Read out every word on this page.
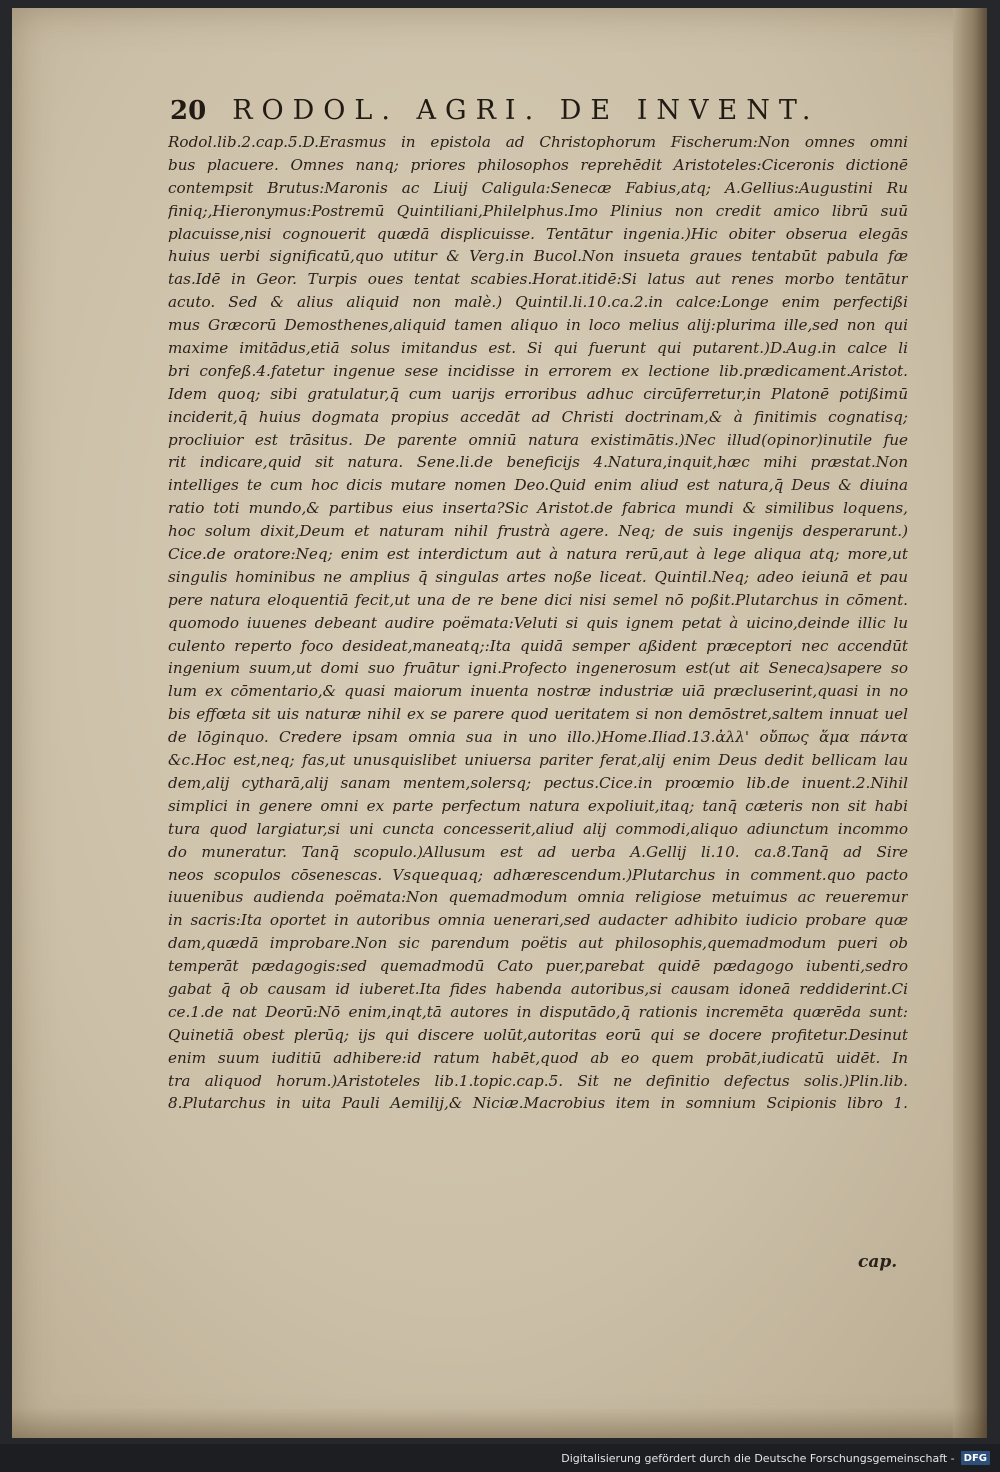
20 RODOL. AGRI. DE INVENT.
Rodol.lib.2.cap.5.D.Erasmus in epistola ad Christophorum Fischerum:Non omnes omni
bus placuere. Omnes nanq; priores philosophos reprehēdit Aristoteles:Ciceronis dictionē
contempsit Brutus:Maronis ac Liuij Caligula:Senecæ Fabius,atq; A.Gellius:Augustini Ru
finiq;,Hieronymus:Postremū Quintiliani,Philelphus.Imo Plinius non credit amico librū suū
placuisse,nisi cognouerit quædā displicuisse. Tentātur ingenia.)Hic obiter obserua elegās
huius uerbi significatū,quo utitur & Verg.in Bucol.Non insueta graues tentabūt pabula fæ
tas.Idē in Geor. Turpis oues tentat scabies.Horat.itidē:Si latus aut renes morbo tentātur
acuto. Sed & alius aliquid non malè.) Quintil.li.10.ca.2.in calce:Longe enim perfectißi
mus Græcorū Demosthenes,aliquid tamen aliquo in loco melius alij:plurima ille,sed non qui
maxime imitādus,etiā solus imitandus est. Si qui fuerunt qui putarent.)D.Aug.in calce li
bri confeß.4.fatetur ingenue sese incidisse in errorem ex lectione lib.prædicament.Aristot.
Idem quoq; sibi gratulatur,q̄ cum uarijs erroribus adhuc circūferretur,in Platonē potißimū
inciderit,q̄ huius dogmata propius accedāt ad Christi doctrinam,& à finitimis cognatisq;
procliuior est trāsitus. De parente omniū natura existimātis.)Nec illud(opinor)inutile fue
rit indicare,quid sit natura. Sene.li.de beneficijs 4.Natura,inquit,hæc mihi præstat.Non
intelliges te cum hoc dicis mutare nomen Deo.Quid enim aliud est natura,q̄ Deus & diuina
ratio toti mundo,& partibus eius inserta?Sic Aristot.de fabrica mundi & similibus loquens,
hoc solum dixit,Deum et naturam nihil frustrà agere. Neq; de suis ingenijs desperarunt.)
Cice.de oratore:Neq; enim est interdictum aut à natura rerū,aut à lege aliqua atq; more,ut
singulis hominibus ne amplius q̄ singulas artes noße liceat. Quintil.Neq; adeo ieiunā et pau
pere natura eloquentiā fecit,ut una de re bene dici nisi semel nō poßit.Plutarchus in cōment.
quomodo iuuenes debeant audire poëmata:Veluti si quis ignem petat à uicino,deinde illic lu
culento reperto foco desideat,maneatq;:Ita quidā semper aßident præceptori nec accendūt
ingenium suum,ut domi suo fruātur igni.Profecto ingenerosum est(ut ait Seneca)sapere so
lum ex cōmentario,& quasi maiorum inuenta nostræ industriæ uiā præcluserint,quasi in no
bis effœta sit uis naturæ nihil ex se parere quod ueritatem si non demōstret,saltem innuat uel
de lōginquo. Credere ipsam omnia sua in uno illo.)Home.Iliad.13.ἀλλ' οὔπως ἅμα πάντα
&c.Hoc est,neq; fas,ut unusquislibet uniuersa pariter ferat,alij enim Deus dedit bellicam lau
dem,alij cytharā,alij sanam mentem,solersq; pectus.Cice.in proœmio lib.de inuent.2.Nihil
simplici in genere omni ex parte perfectum natura expoliuit,itaq; tanq̄ cæteris non sit habi
tura quod largiatur,si uni cuncta concesserit,aliud alij commodi,aliquo adiunctum incommo
do muneratur. Tanq̄ scopulo.)Allusum est ad uerba A.Gellij li.10. ca.8.Tanq̄ ad Sire
neos scopulos cōsenescas. Vsquequaq; adhærescendum.)Plutarchus in comment.quo pacto
iuuenibus audienda poëmata:Non quemadmodum omnia religiose metuimus ac reueremur
in sacris:Ita oportet in autoribus omnia uenerari,sed audacter adhibito iudicio probare quæ
dam,quædā improbare.Non sic parendum poëtis aut philosophis,quemadmodum pueri ob
temperāt pædagogis:sed quemadmodū Cato puer,parebat quidē pædagogo iubenti,sedro
gabat q̄ ob causam id iuberet.Ita fides habenda autoribus,si causam idoneā reddiderint.Ci
ce.1.de nat Deorū:Nō enim,inqt,tā autores in disputādo,q̄ rationis incremēta quærēda sunt:
Quinetiā obest plerūq; ijs qui discere uolūt,autoritas eorū qui se docere profitetur.Desinut
enim suum iuditiū adhibere:id ratum habēt,quod ab eo quem probāt,iudicatū uidēt. In
tra aliquod horum.)Aristoteles lib.1.topic.cap.5. Sit ne definitio defectus solis.)Plin.lib.
8.Plutarchus in uita Pauli Aemilij,& Niciæ.Macrobius item in somnium Scipionis libro 1.
cap.
Digitalisierung gefördert durch die Deutsche Forschungsgemeinschaft - DFG
